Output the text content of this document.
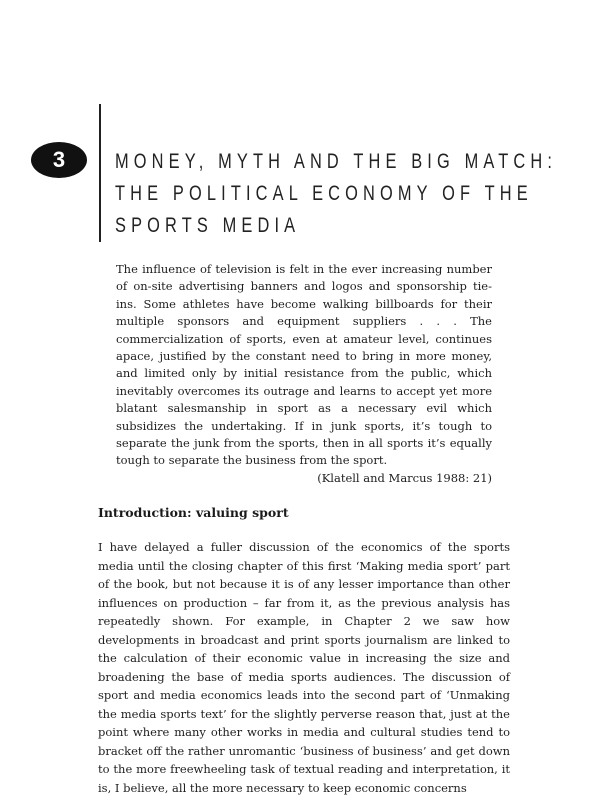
3	MONEY, MYTH AND THE BIG MATCH:
THE POLITICAL ECONOMY OF THE
SPORTS MEDIA

The influence of television is felt in the ever increasing number of on-site advertising banners and logos and sponsorship tie-ins. Some athletes have become walking billboards for their multiple sponsors and equipment suppliers . . . The commercialization of sports, even at amateur level, continues apace, justified by the constant need to bring in more money, and limited only by initial resistance from the public, which inevitably overcomes its outrage and learns to accept yet more blatant salesmanship in sport as a necessary evil which subsidizes the undertaking. If in junk sports, it’s tough to separate the junk from the sports, then in all sports it’s equally tough to separate the business from the sport.

(Klatell and Marcus 1988: 21)
Introduction: valuing sport

I have delayed a fuller discussion of the economics of the sports media until the closing chapter of this first ‘Making media sport’ part of the book, but not because it is of any lesser importance than other influences on production – far from it, as the previous analysis has repeatedly shown. For example, in Chapter 2 we saw how developments in broadcast and print sports journalism are linked to the calculation of their economic value in increasing the size and broadening the base of media sports audiences. The discussion of sport and media economics leads into the second part of ‘Unmaking the media sports text’ for the slightly perverse reason that, just at the point where many other works in media and cultural studies tend to bracket off the rather unromantic ‘business of business’ and get down to the more freewheeling task of textual reading and interpretation, it is, I believe, all the more necessary to keep economic concerns
